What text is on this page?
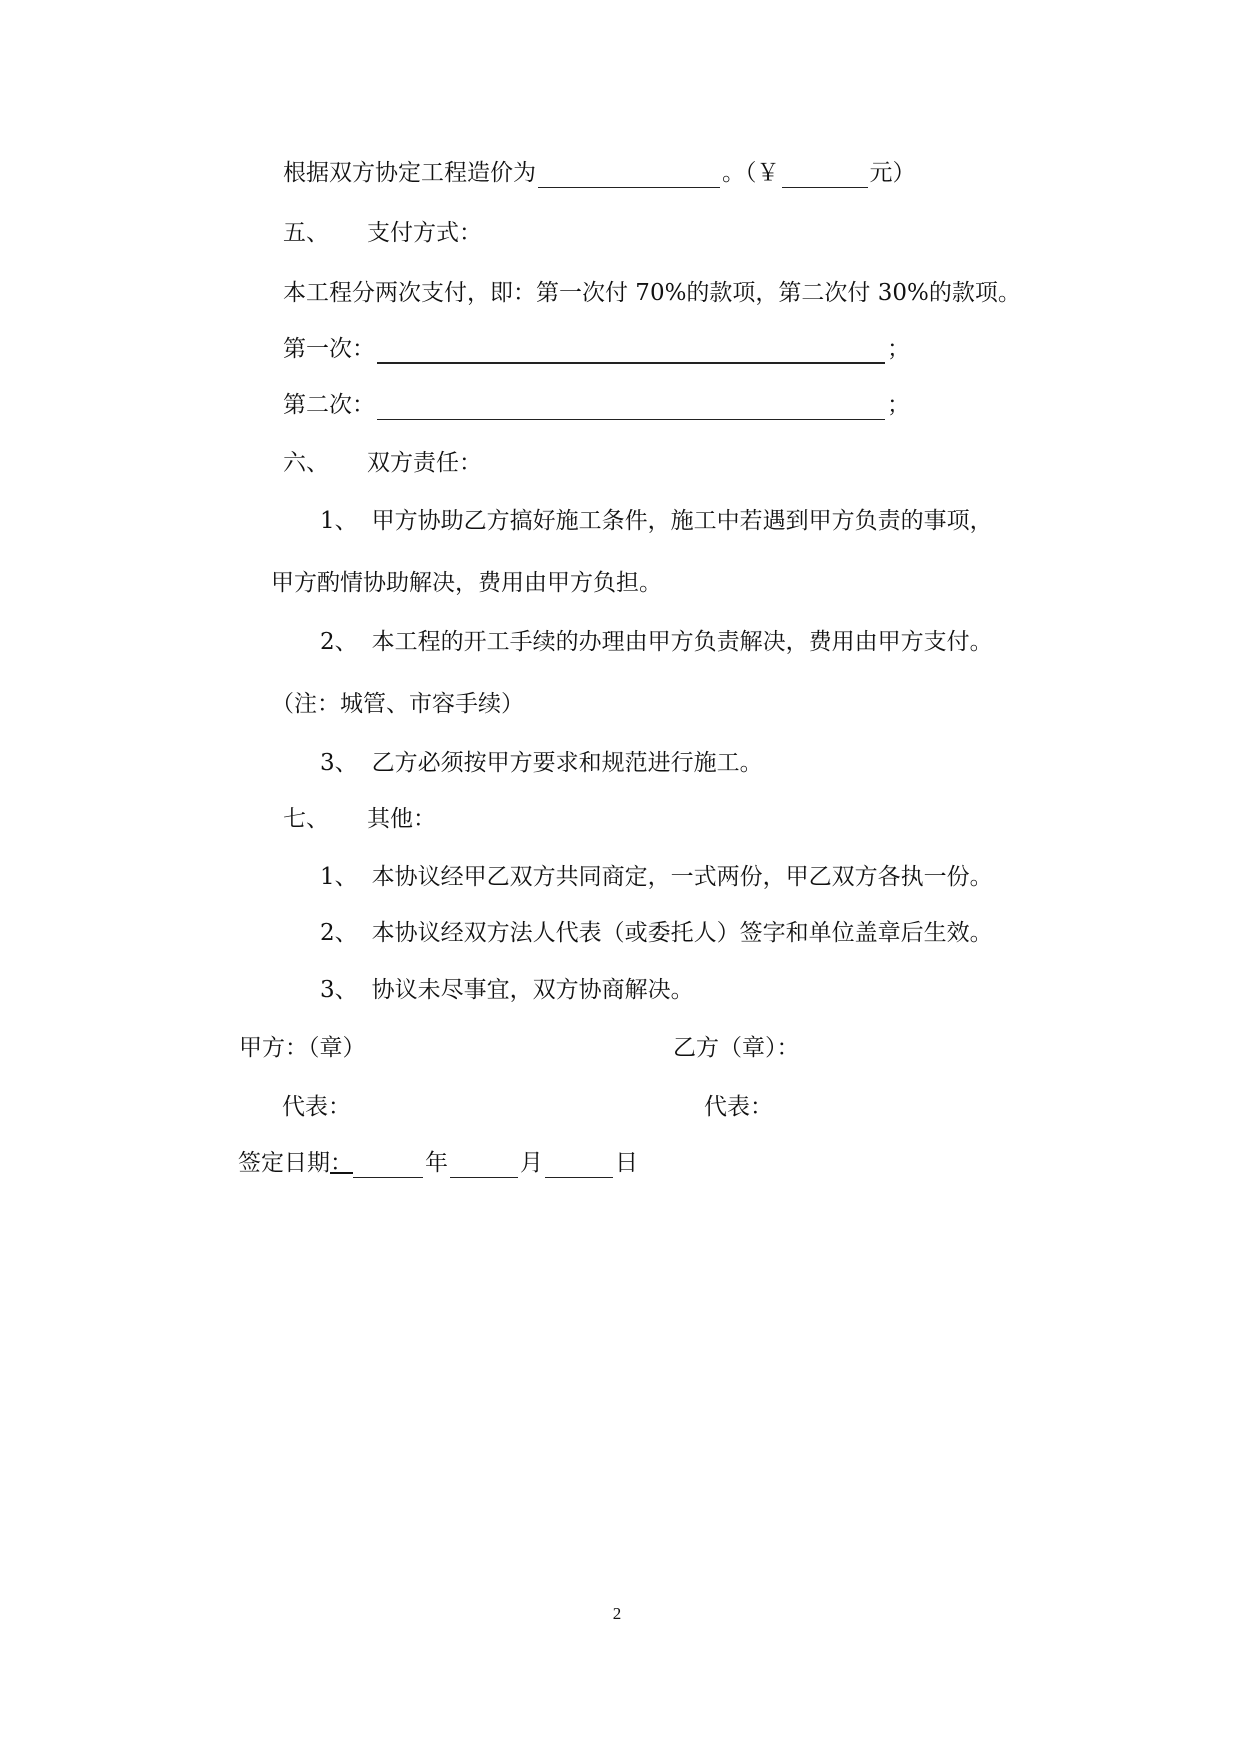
根据双方协定工程造价为	。（￥	元）
五、 支付方式：
本工程分两次支付，即：第一次付 70%的款项，第二次付 30%的款项。
第一次：	；
第二次：	；
六、 双方责任：
1、 甲方协助乙方搞好施工条件，施工中若遇到甲方负责的事项，
甲方酌情协助解决，费用由甲方负担。
2、 本工程的开工手续的办理由甲方负责解决，费用由甲方支付。
（注：城管、市容手续）
3、 乙方必须按甲方要求和规范进行施工。
七、 其他：
1、 本协议经甲乙双方共同商定，一式两份，甲乙双方各执一份。
2、 本协议经双方法人代表（或委托人）签字和单位盖章后生效。
3、 协议未尽事宜，双方协商解决。
甲方：（章）	乙方（章）：
代表：	代表：
签定日期：	年	月	日
2
